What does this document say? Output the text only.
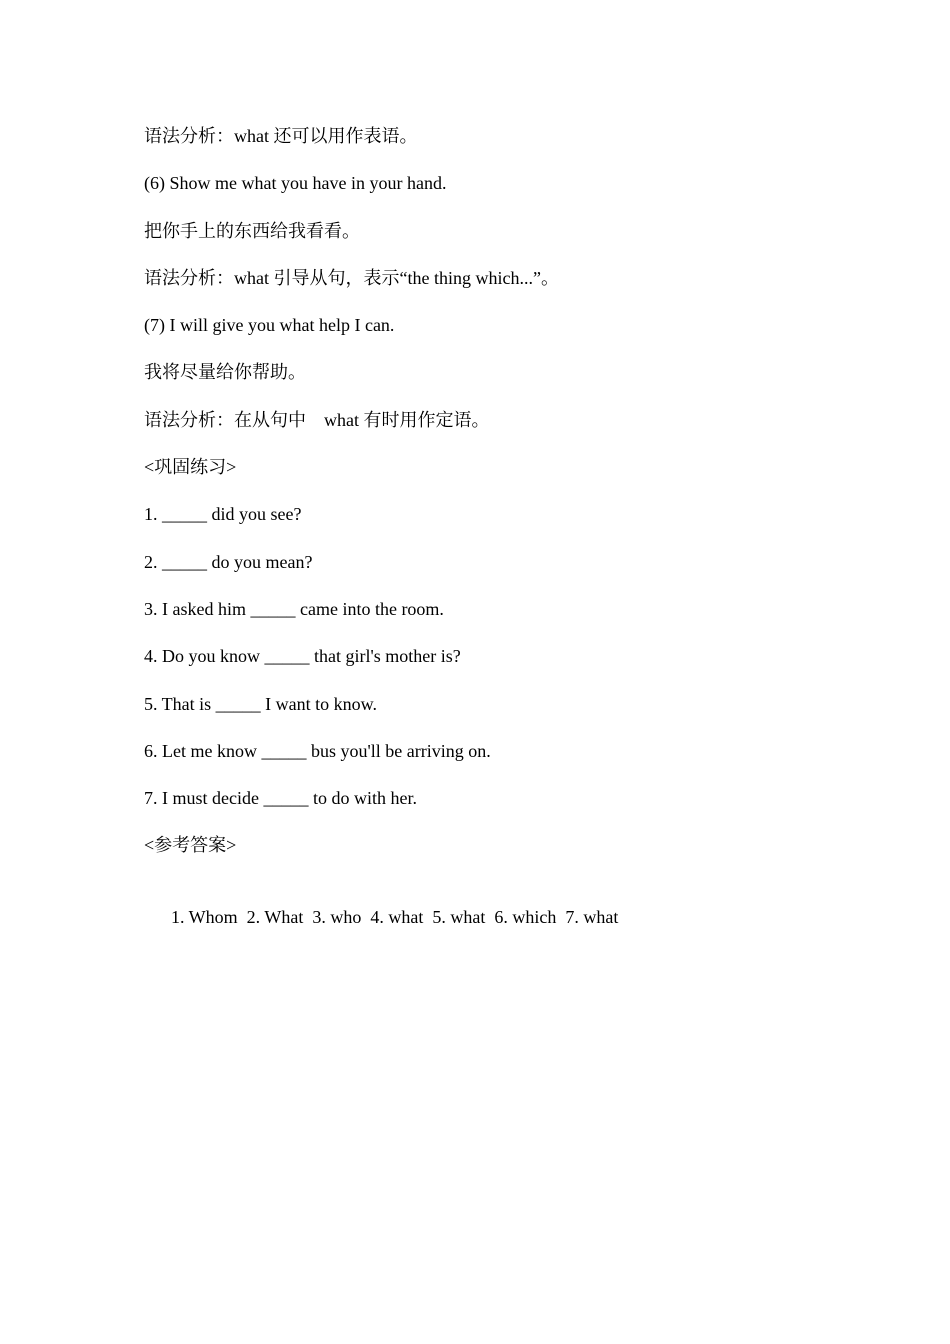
语法分析：what 还可以用作表语。
(6) Show me what you have in your hand.
把你手上的东西给我看看。
语法分析：what 引导从句，表示“the thing which...”。
(7) I will give you what help I can.
我将尽量给你帮助。
语法分析：在从句中　what 有时用作定语。
<巩固练习>
1. _____ did you see?
2. _____ do you mean?
3. I asked him _____ came into the room.
4. Do you know _____ that girl's mother is?
5. That is _____ I want to know.
6. Let me know _____ bus you'll be arriving on.
7. I must decide _____ to do with her.
<参考答案>

1. Whom 2. What 3. who 4. what 5. what 6. which 7. what
